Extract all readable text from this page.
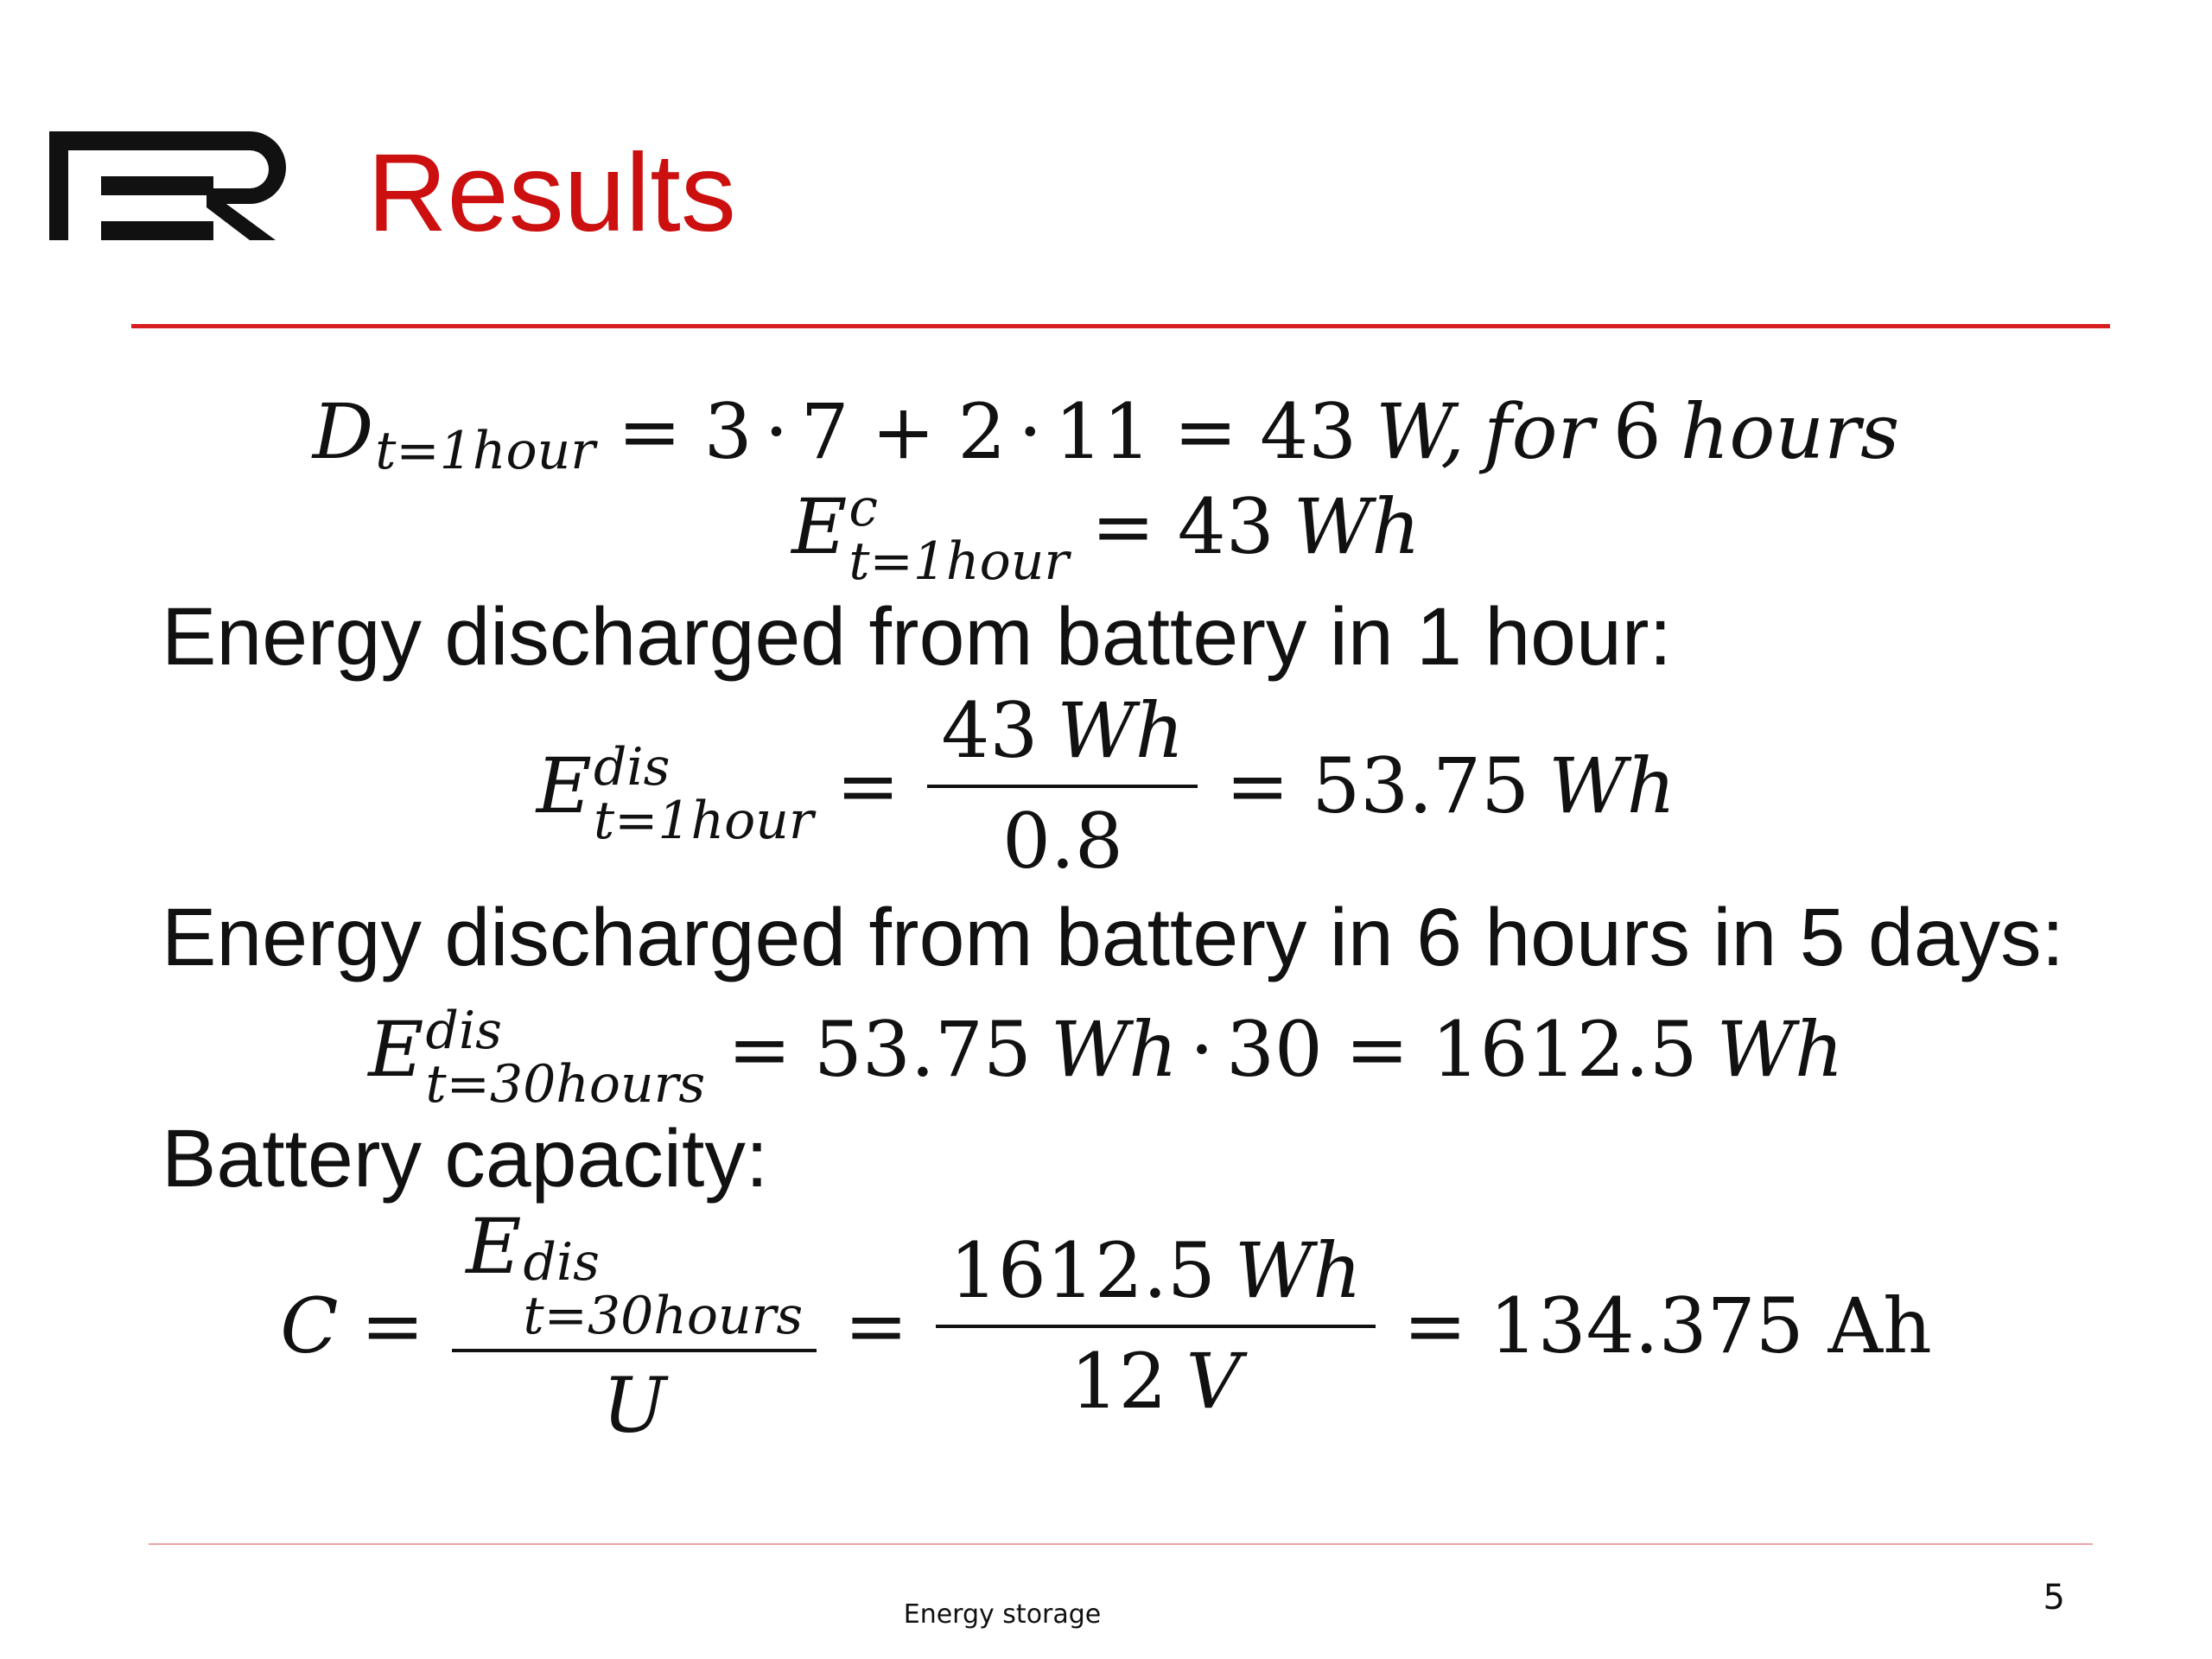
Results
D t=1hour = 3 · 7 + 2 · 11 = 43 W, for 6 hours
E c
t=1hour = 43 Wh
Energy discharged from battery in 1 hour:
E dis
t=1hour = $\frac{43 Wh}{0.8} = 53.75$ Wh
Energy discharged from battery in 6 hours in 5 days:
E dis
t=30hours = 53.75 Wh · 30 = 1612.5 Wh
Battery capacity:
C = E dis
t=30hours
$U = \frac{1612.5 Wh}{12 V} = 134.375$ Ah
Energy storage	5
